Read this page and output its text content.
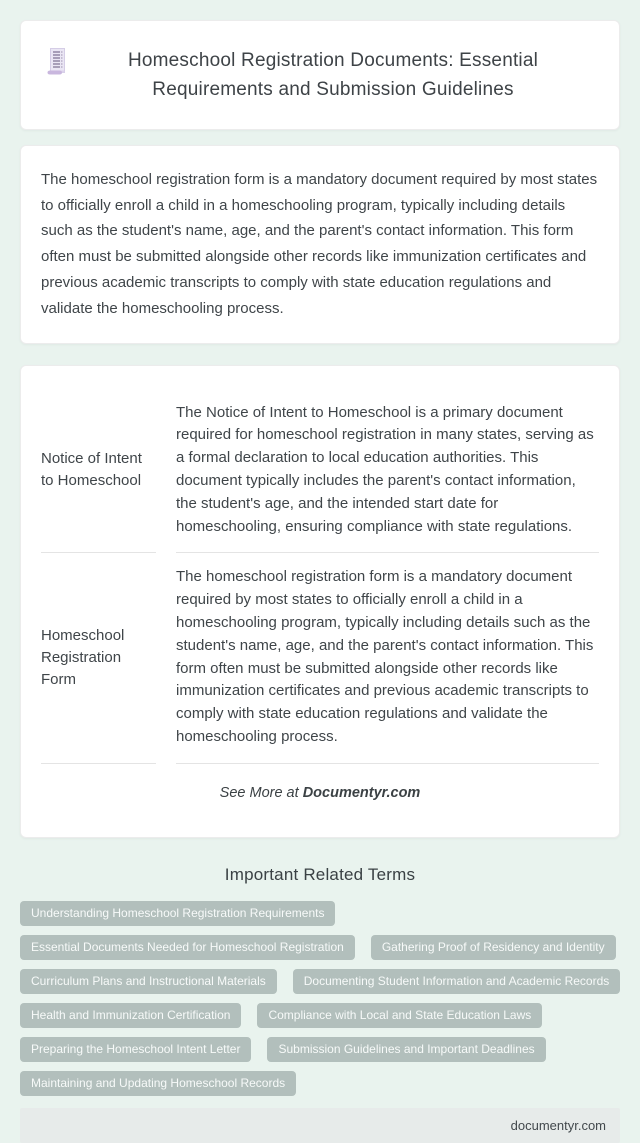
Homeschool Registration Documents: Essential Requirements and Submission Guidelines

The homeschool registration form is a mandatory document required by most states to officially enroll a child in a homeschooling program, typically including details such as the student's name, age, and the parent's contact information. This form often must be submitted alongside other records like immunization certificates and previous academic transcripts to comply with state education regulations and validate the homeschooling process.

Notice of Intent to Homeschool
The Notice of Intent to Homeschool is a primary document required for homeschool registration in many states, serving as a formal declaration to local education authorities. This document typically includes the parent's contact information, the student's age, and the intended start date for homeschooling, ensuring compliance with state regulations.
Homeschool Registration Form
The homeschool registration form is a mandatory document required by most states to officially enroll a child in a homeschooling program, typically including details such as the student's name, age, and the parent's contact information. This form often must be submitted alongside other records like immunization certificates and previous academic transcripts to comply with state education regulations and validate the homeschooling process.

See More at Documentyr.com

Important Related Terms
Understanding Homeschool Registration Requirements
Essential Documents Needed for Homeschool Registration	Gathering Proof of Residency and Identity
Curriculum Plans and Instructional Materials	Documenting Student Information and Academic Records
Health and Immunization Certification	Compliance with Local and State Education Laws
Preparing the Homeschool Intent Letter	Submission Guidelines and Important Deadlines
Maintaining and Updating Homeschool Records
documentyr.com
